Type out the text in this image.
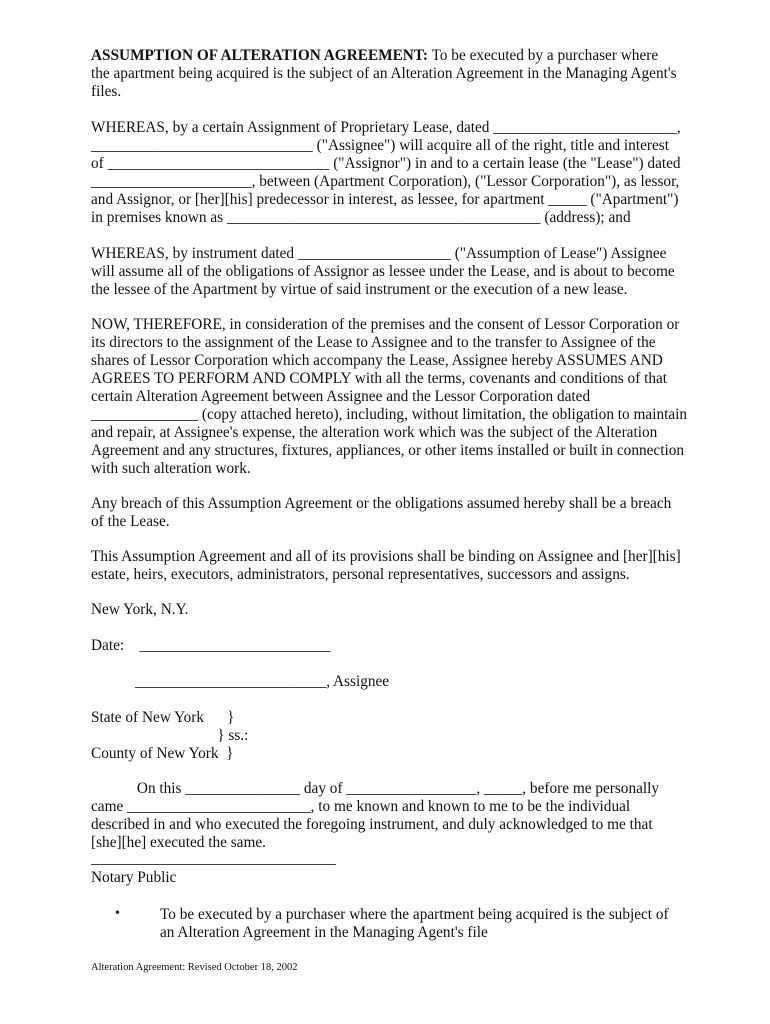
ASSUMPTION OF ALTERATION AGREEMENT: To be executed by a purchaser where
the apartment being acquired is the subject of an Alteration Agreement in the Managing Agent's
files.
WHEREAS, by a certain Assignment of Proprietary Lease, dated ________________________,
_____________________________ ("Assignee") will acquire all of the right, title and interest
of _____________________________ ("Assignor") in and to a certain lease (the "Lease") dated
_____________________, between (Apartment Corporation), ("Lessor Corporation"), as lessor,
and Assignor, or [her][his] predecessor in interest, as lessee, for apartment _____ ("Apartment")
in premises known as _________________________________________ (address); and
WHEREAS, by instrument dated ____________________ ("Assumption of Lease") Assignee
will assume all of the obligations of Assignor as lessee under the Lease, and is about to become
the lessee of the Apartment by virtue of said instrument or the execution of a new lease.
NOW, THEREFORE, in consideration of the premises and the consent of Lessor Corporation or
its directors to the assignment of the Lease to Assignee and to the transfer to Assignee of the
shares of Lessor Corporation which accompany the Lease, Assignee hereby ASSUMES AND
AGREES TO PERFORM AND COMPLY with all the terms, covenants and conditions of that
certain Alteration Agreement between Assignee and the Lessor Corporation dated
______________ (copy attached hereto), including, without limitation, the obligation to maintain
and repair, at Assignee's expense, the alteration work which was the subject of the Alteration
Agreement and any structures, fixtures, appliances, or other items installed or built in connection
with such alteration work.
Any breach of this Assumption Agreement or the obligations assumed hereby shall be a breach
of the Lease.
This Assumption Agreement and all of its provisions shall be binding on Assignee and [her][his]
estate, heirs, executors, administrators, personal representatives, successors and assigns.
New York, N.Y.
Date:    _________________________
_________________________, Assignee
State of New York      }
} ss.:
County of New York  }
On this _______________ day of _________________, _____, before me personally
came ________________________, to me known and known to me to be the individual
described in and who executed the foregoing instrument, and duly acknowledged to me that
[she][he] executed the same.
________________________________
Notary Public
•	To be executed by a purchaser where the apartment being acquired is the subject of
an Alteration Agreement in the Managing Agent's file
Alteration Agreement: Revised October 18, 2002
